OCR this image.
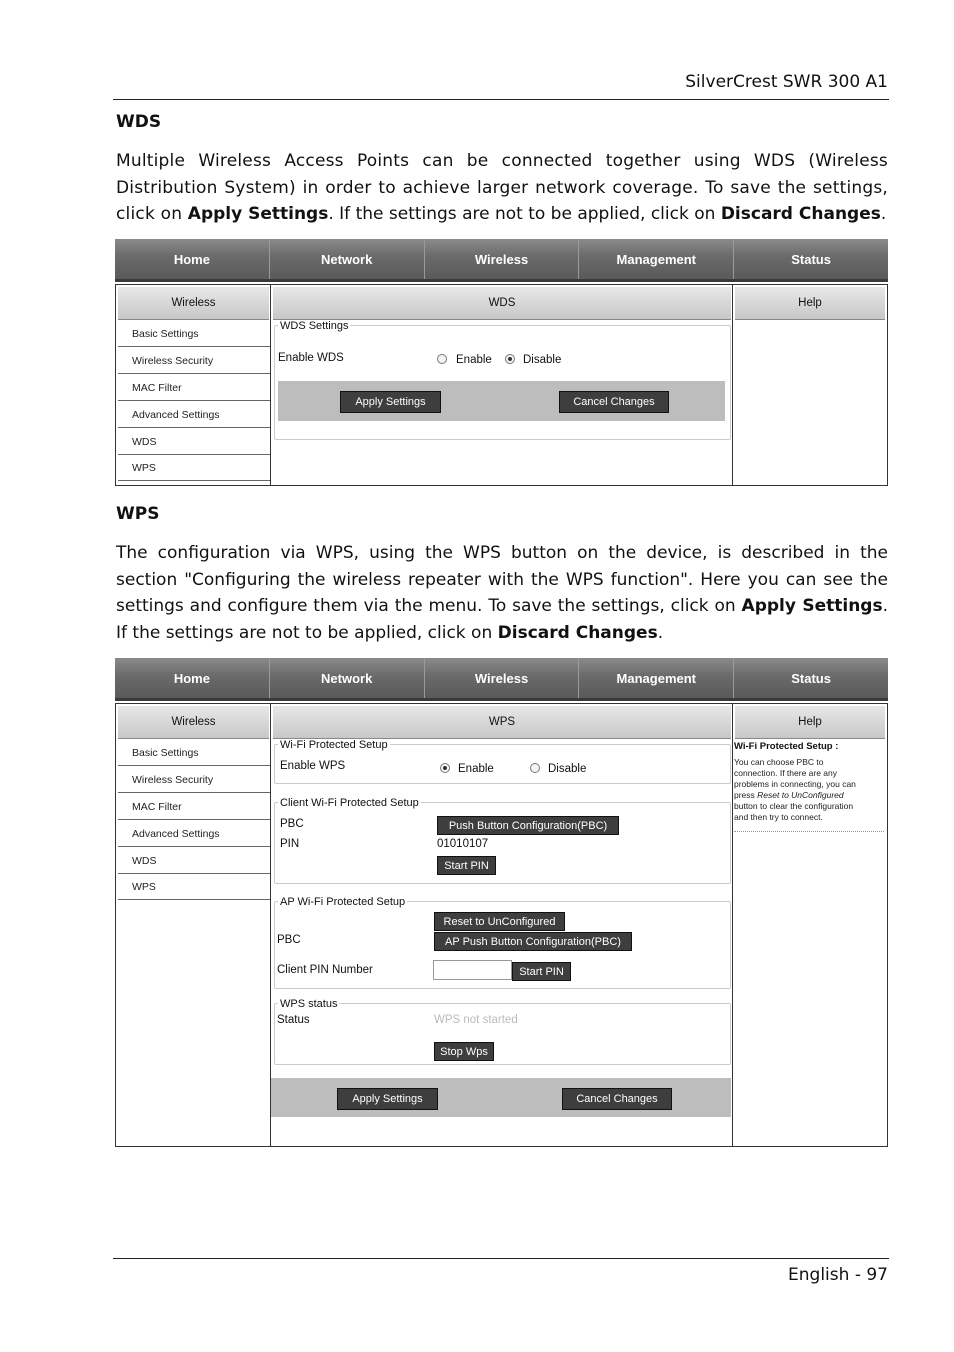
SilverCrest SWR 300 A1
WDS

Multiple Wireless Access Points can be connected together using WDS (Wireless Distribution System) in order to achieve larger network coverage. To save the settings, click on Apply Settings. If the settings are not to be applied, click on Discard Changes.

Home	Network	Wireless	Management	Status
Wireless
Basic Settings
Wireless Security
MAC Filter
Advanced Settings
WDS
WPS
WDS
WDS Settings
Enable WDS	Enable	Disable
Apply Settings	Cancel Changes
Help
WPS

The configuration via WPS, using the WPS button on the device, is described in the section "Configuring the wireless repeater with the WPS function". Here you can see the settings and configure them via the menu. To save the settings, click on Apply Settings. If the settings are not to be applied, click on Discard Changes.

Home	Network	Wireless	Management	Status
Wireless
Basic Settings
Wireless Security
MAC Filter
Advanced Settings
WDS
WPS
WPS
Wi-Fi Protected Setup
Enable WPS	Enable	Disable
Client Wi-Fi Protected Setup
PBC	Push Button Configuration(PBC)
PIN	01010107
Start PIN
AP Wi-Fi Protected Setup
Reset to UnConfigured
PBC	AP Push Button Configuration(PBC)
Client PIN Number	Start PIN
WPS status
Status	WPS not started
Stop Wps
Apply Settings	Cancel Changes
Help
Wi-Fi Protected Setup :
You can choose PBC to
connection. If there are any
problems in connecting, you can
press Reset to UnConfigured
button to clear the configuration
and then try to connect.
English - 97
